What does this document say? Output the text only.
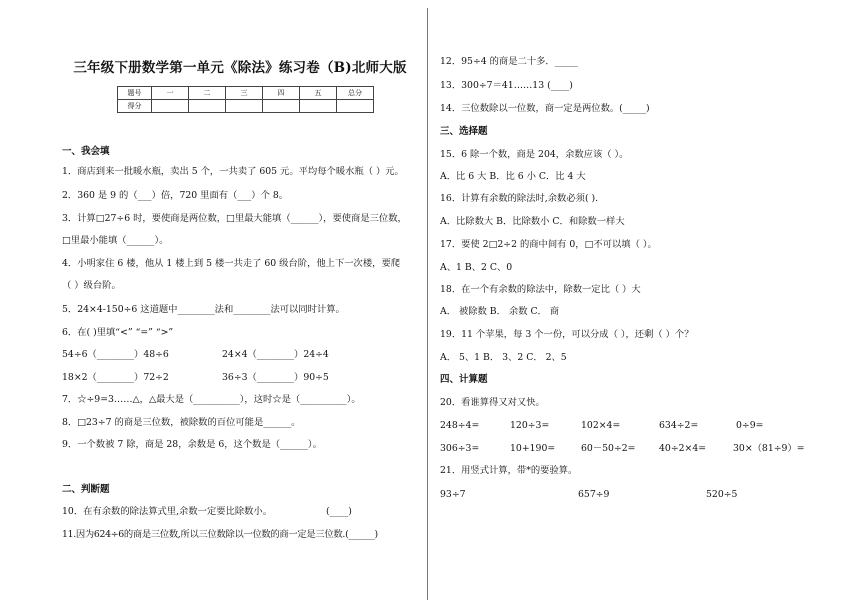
三年级下册数学第一单元《除法》练习卷（B)北师大版
题号	一	二	三	四	五	总分
得分						
一、我会填
1．商店到来一批暖水瓶，卖出 5 个，一共卖了 605 元。平均每个暖水瓶（ ）元。
2．360 是 9 的（___）倍，720 里面有（___）个 8。
3．计算□27÷6 时，要使商是两位数，□里最大能填（______），要使商是三位数，
□里最小能填（______）。
4．小明家住 6 楼，他从 1 楼上到 5 楼一共走了 60 级台阶，他上下一次楼，要爬
（ ）级台阶。
5．24×4-150÷6 这道题中________法和________法可以同时计算。
6．在( )里填“<” “=” “>”
54÷6（________）48÷6	24×4（________）24÷4
18×2（________）72÷2	36÷3（________）90÷5
7．☆÷9=3……△，△最大是（__________），这时☆是（__________）。
8．□23÷7 的商是三位数，被除数的百位可能是______。
9．一个数被 7 除，商是 28，余数是 6，这个数是（______）。
二、判断题
10．在有余数的除法算式里,余数一定要比除数小。	(____)
11.因为624÷6的商是三位数,所以三位数除以一位数的商一定是三位数.(______)
12．95÷4 的商是二十多．_____
13．300÷7＝41……13 (____)
14．三位数除以一位数，商一定是两位数。(_____)
三、选择题
15．6 除一个数，商是 204，余数应该（ ）。
A．比 6 大 B．比 6 小 C．比 4 大
16．计算有余数的除法时,余数必须( ).
A．比除数大 B．比除数小 C．和除数一样大
17．要使 2□2÷2 的商中间有 0，□不可以填（ ）。
A、1 B、2 C、0
18．在一个有余数的除法中，除数一定比（ ）大
A． 被除数 B． 余数 C． 商
19．11 个苹果，每 3 个一份，可以分成（ ），还剩（ ）个？
A． 5、1 B． 3、2 C． 2、5
四、计算题
20．看谁算得又对又快。
248÷4=	120÷3=	102×4=	634÷2=	0÷9=
306÷3=	10+190=	60－50÷2=	40÷2×4=	30×（81÷9）=
21．用竖式计算，带*的要验算。
93÷7	657÷9	520÷5
